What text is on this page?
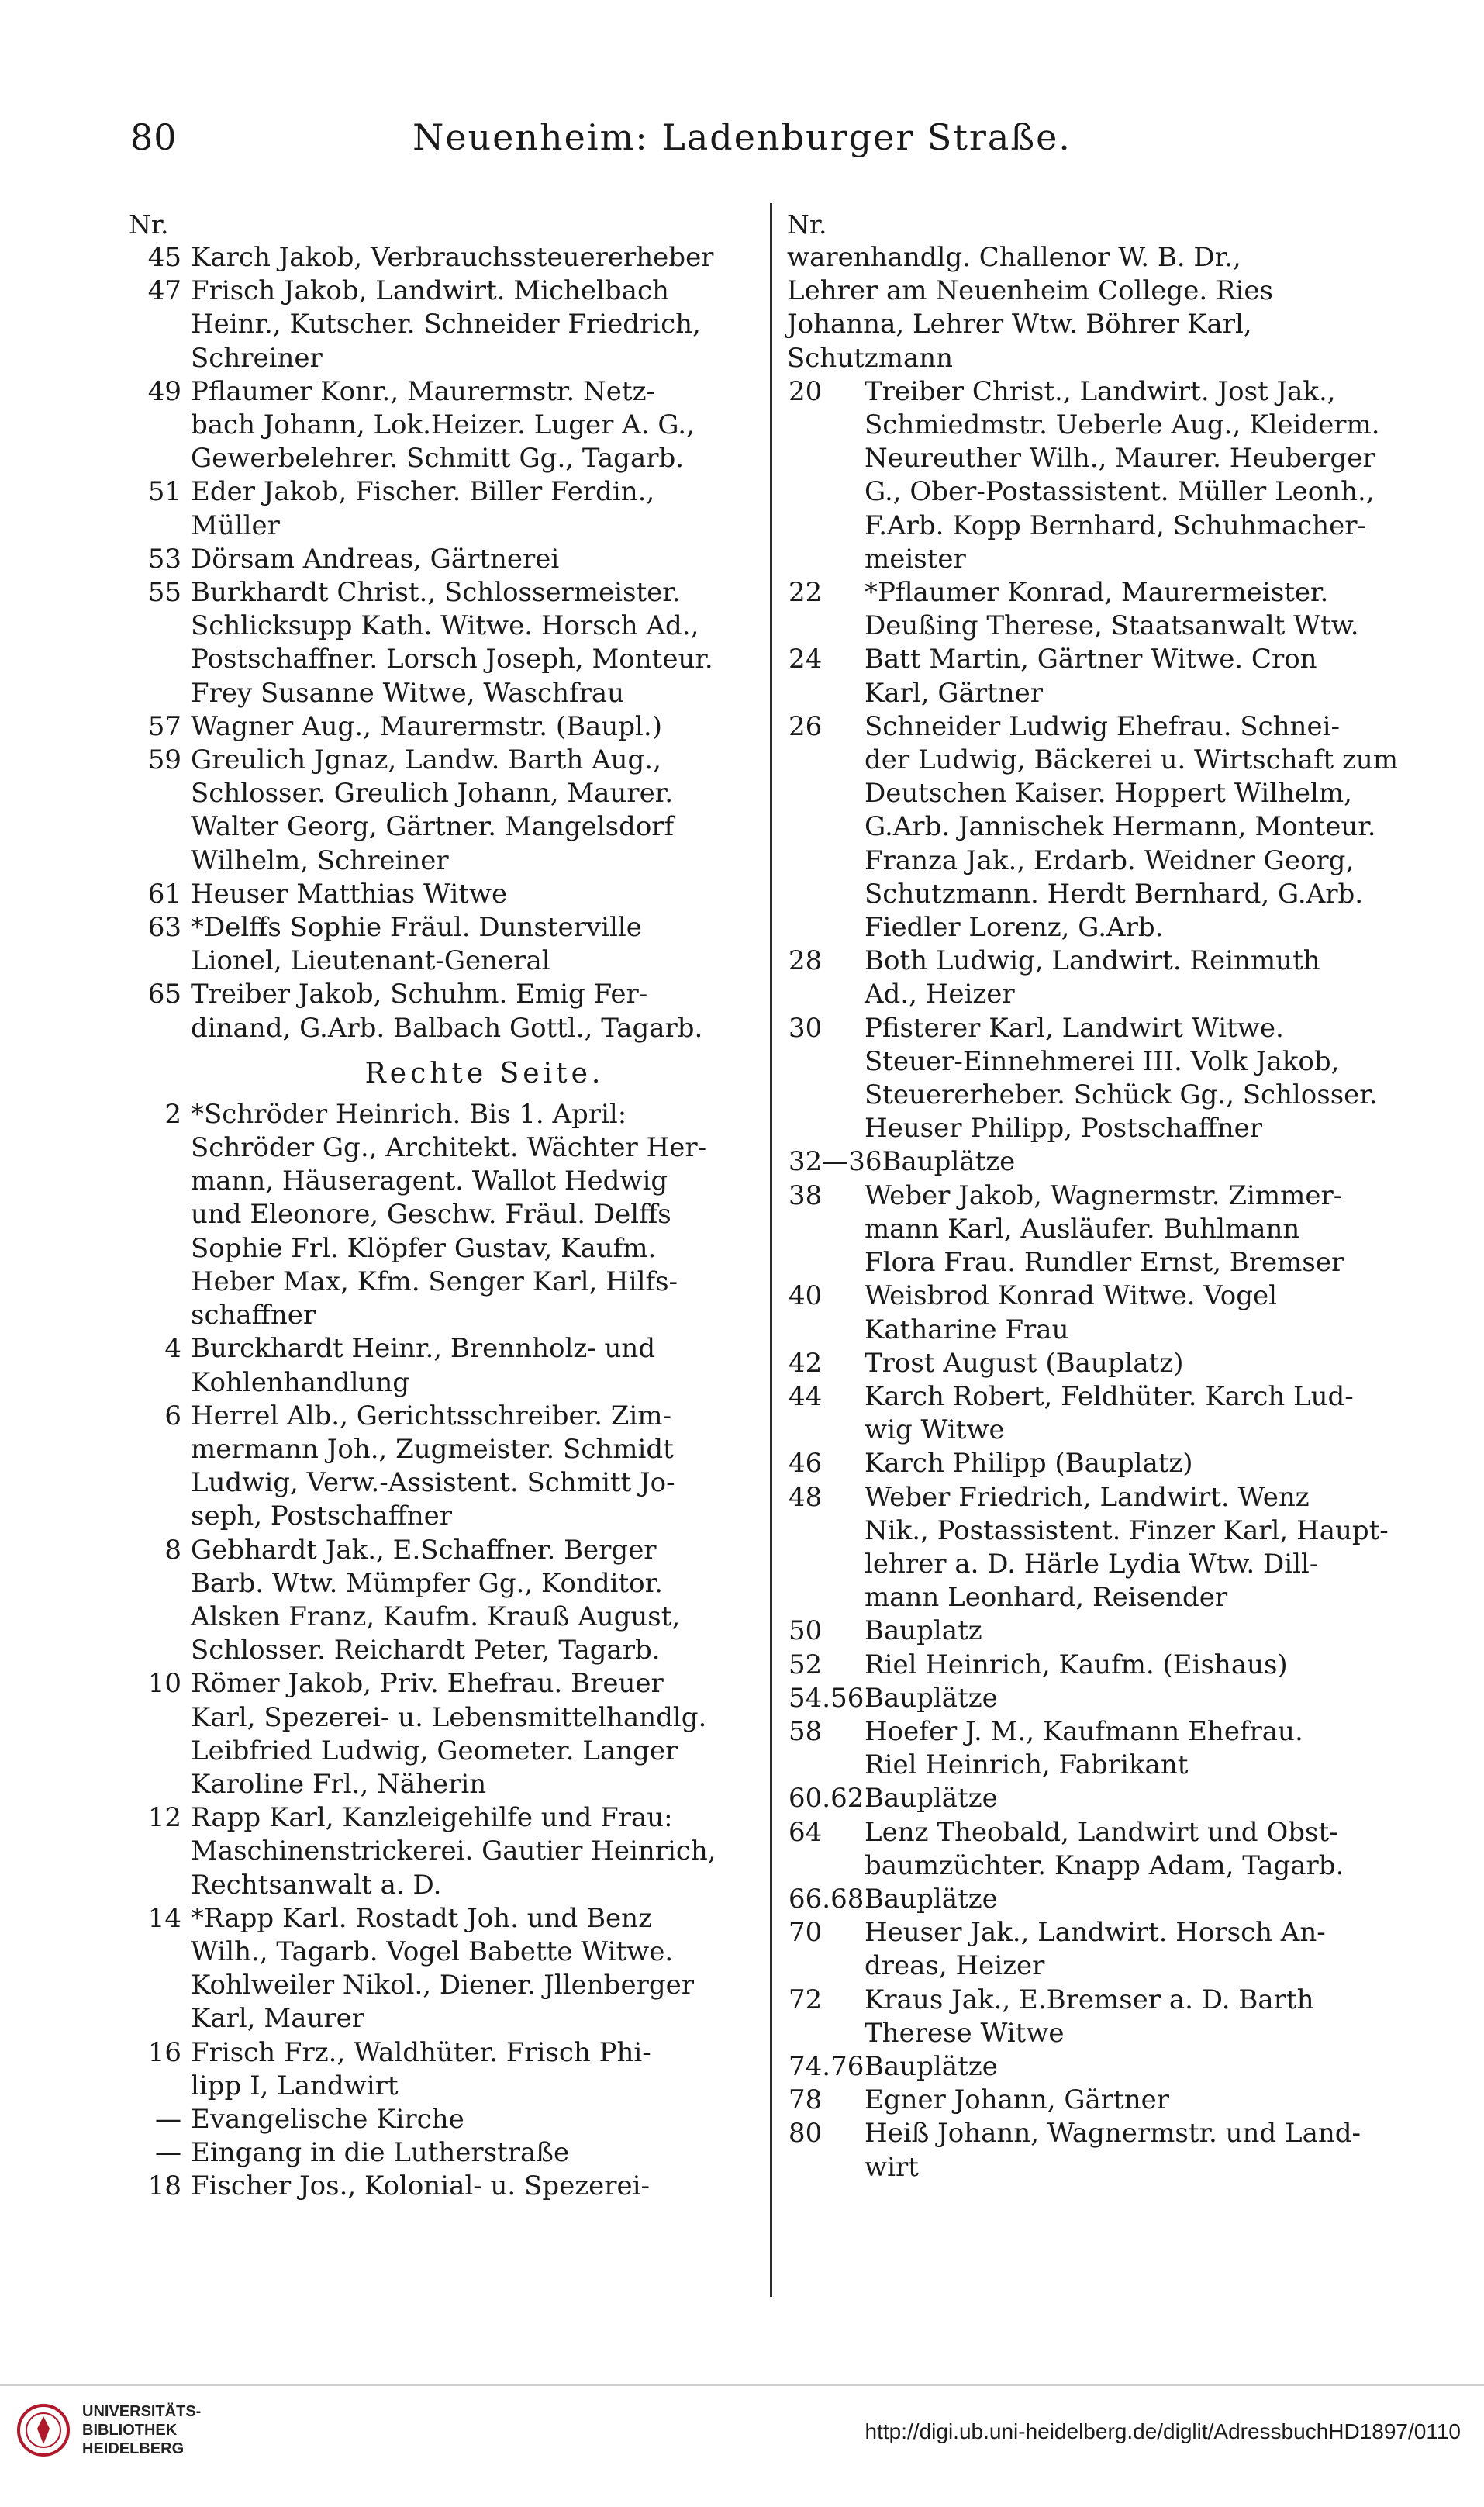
80	Neuenheim: Ladenburger Straße.
Nr.
45 Karch Jakob, Verbrauchssteuererheber
47 Frisch Jakob, Landwirt. Michelbach
Heinr., Kutscher. Schneider Friedrich,
Schreiner
49 Pflaumer Konr., Maurermstr. Netz-
bach Johann, Lok.Heizer. Luger A. G.,
Gewerbelehrer. Schmitt Gg., Tagarb.
51 Eder Jakob, Fischer. Biller Ferdin.,
Müller
53 Dörsam Andreas, Gärtnerei
55 Burkhardt Christ., Schlossermeister.
Schlicksupp Kath. Witwe. Horsch Ad.,
Postschaffner. Lorsch Joseph, Monteur.
Frey Susanne Witwe, Waschfrau
57 Wagner Aug., Maurermstr. (Baupl.)
59 Greulich Jgnaz, Landw. Barth Aug.,
Schlosser. Greulich Johann, Maurer.
Walter Georg, Gärtner. Mangelsdorf
Wilhelm, Schreiner
61 Heuser Matthias Witwe
63 *Delffs Sophie Fräul. Dunsterville
Lionel, Lieutenant-General
65 Treiber Jakob, Schuhm. Emig Fer-
dinand, G.Arb. Balbach Gottl., Tagarb.
Rechte Seite.
2 *Schröder Heinrich. Bis 1. April:
Schröder Gg., Architekt. Wächter Her-
mann, Häuseragent. Wallot Hedwig
und Eleonore, Geschw. Fräul. Delffs
Sophie Frl. Klöpfer Gustav, Kaufm.
Heber Max, Kfm. Senger Karl, Hilfs-
schaffner
4 Burckhardt Heinr., Brennholz- und
Kohlenhandlung
6 Herrel Alb., Gerichtsschreiber. Zim-
mermann Joh., Zugmeister. Schmidt
Ludwig, Verw.-Assistent. Schmitt Jo-
seph, Postschaffner
8 Gebhardt Jak., E.Schaffner. Berger
Barb. Wtw. Mümpfer Gg., Konditor.
Alsken Franz, Kaufm. Krauß August,
Schlosser. Reichardt Peter, Tagarb.
10 Römer Jakob, Priv. Ehefrau. Breuer
Karl, Spezerei- u. Lebensmittelhandlg.
Leibfried Ludwig, Geometer. Langer
Karoline Frl., Näherin
12 Rapp Karl, Kanzleigehilfe und Frau:
Maschinenstrickerei. Gautier Heinrich,
Rechtsanwalt a. D.
14 *Rapp Karl. Rostadt Joh. und Benz
Wilh., Tagarb. Vogel Babette Witwe.
Kohlweiler Nikol., Diener. Jllenberger
Karl, Maurer
16 Frisch Frz., Waldhüter. Frisch Phi-
lipp I, Landwirt
— Evangelische Kirche
— Eingang in die Lutherstraße
18 Fischer Jos., Kolonial- u. Spezerei-
Nr.
warenhandlg. Challenor W. B. Dr.,
Lehrer am Neuenheim College. Ries
Johanna, Lehrer Wtw. Böhrer Karl,
Schutzmann
20	Treiber Christ., Landwirt. Jost Jak.,
Schmiedmstr. Ueberle Aug., Kleiderm.
Neureuther Wilh., Maurer. Heuberger
G., Ober-Postassistent. Müller Leonh.,
F.Arb. Kopp Bernhard, Schuhmacher-
meister
22	*Pflaumer Konrad, Maurermeister.
Deußing Therese, Staatsanwalt Wtw.
24	Batt Martin, Gärtner Witwe. Cron
Karl, Gärtner
26	Schneider Ludwig Ehefrau. Schnei-
der Ludwig, Bäckerei u. Wirtschaft zum
Deutschen Kaiser. Hoppert Wilhelm,
G.Arb. Jannischek Hermann, Monteur.
Franza Jak., Erdarb. Weidner Georg,
Schutzmann. Herdt Bernhard, G.Arb.
Fiedler Lorenz, G.Arb.
28	Both Ludwig, Landwirt. Reinmuth
Ad., Heizer
30	Pfisterer Karl, Landwirt Witwe.
Steuer-Einnehmerei III. Volk Jakob,
Steuererheber. Schück Gg., Schlosser.
Heuser Philipp, Postschaffner
32—36 Bauplätze
38	Weber Jakob, Wagnermstr. Zimmer-
mann Karl, Ausläufer. Buhlmann
Flora Frau. Rundler Ernst, Bremser
40	Weisbrod Konrad Witwe. Vogel
Katharine Frau
42	Trost August (Bauplatz)
44	Karch Robert, Feldhüter. Karch Lud-
wig Witwe
46	Karch Philipp (Bauplatz)
48	Weber Friedrich, Landwirt. Wenz
Nik., Postassistent. Finzer Karl, Haupt-
lehrer a. D. Härle Lydia Wtw. Dill-
mann Leonhard, Reisender
50	Bauplatz
52	Riel Heinrich, Kaufm. (Eishaus)
54.56 Bauplätze
58	Hoefer J. M., Kaufmann Ehefrau.
Riel Heinrich, Fabrikant
60.62 Bauplätze
64	Lenz Theobald, Landwirt und Obst-
baumzüchter. Knapp Adam, Tagarb.
66.68 Bauplätze
70	Heuser Jak., Landwirt. Horsch An-
dreas, Heizer
72	Kraus Jak., E.Bremser a. D. Barth
Therese Witwe
74.76 Bauplätze
78	Egner Johann, Gärtner
80	Heiß Johann, Wagnermstr. und Land-
wirt
UNIVERSITÄTS-
BIBLIOTHEK
HEIDELBERG
http://digi.ub.uni-heidelberg.de/diglit/AdressbuchHD1897/0110
